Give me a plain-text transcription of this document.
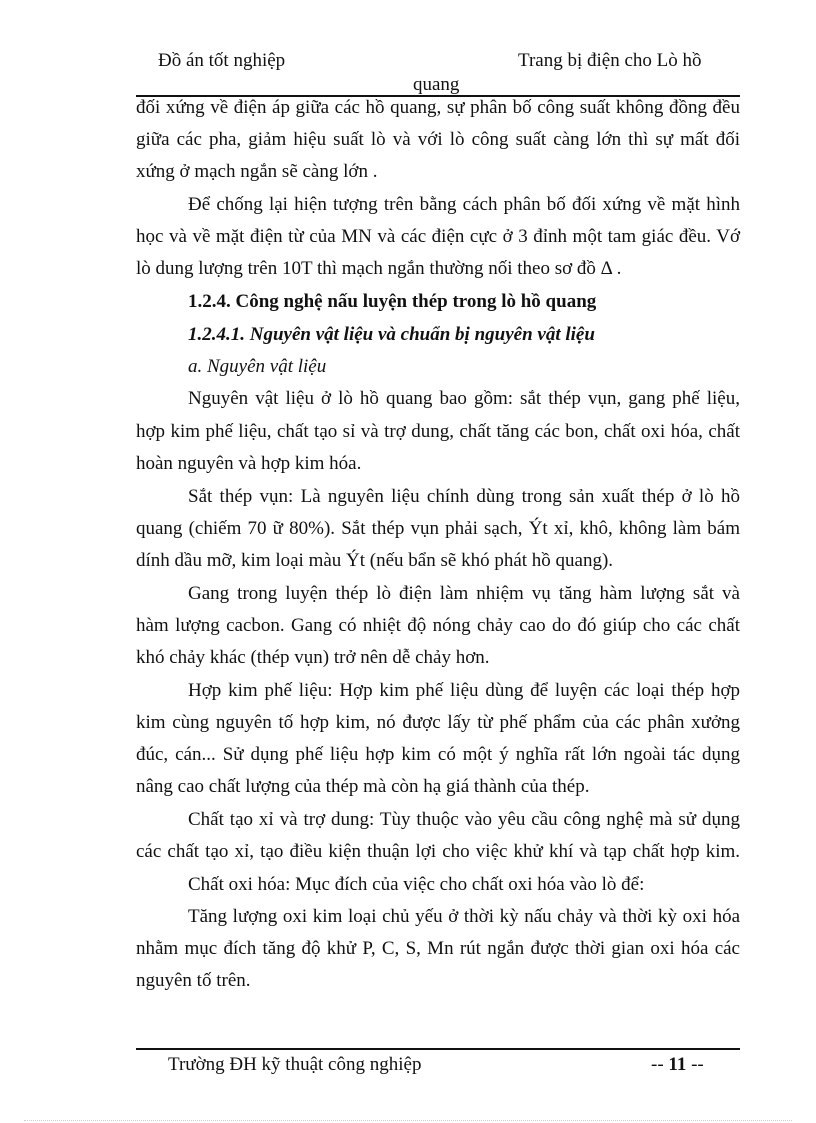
Đồ án tốt nghiệp	Trang bị điện cho Lò hồ
quang
đối xứng về điện áp giữa các hồ quang, sự phân bố công suất không đồng đều
giữa các pha, giảm hiệu suất lò và với lò công suất càng lớn thì sự mất đối
xứng ở mạch ngắn sẽ càng lớn .
Để chống lại hiện tượng trên bằng cách phân bố đối xứng về mặt hình
học và về mặt điện từ của MN và các điện cực ở 3 đỉnh một tam giác đều. Vớ
lò dung lượng trên 10T thì mạch ngắn thường nối theo sơ đồ Δ .
1.2.4. Công nghệ nấu luyện thép trong lò hồ quang
1.2.4.1. Nguyên vật liệu và chuẩn bị nguyên vật liệu
a. Nguyên vật liệu
Nguyên vật liệu ở lò hồ quang bao gồm: sắt thép vụn, gang phế liệu,
hợp kim phế liệu, chất tạo sỉ và trợ dung, chất tăng các bon, chất oxi hóa, chất
hoàn nguyên và hợp kim hóa.
Sắt thép vụn: Là nguyên liệu chính dùng trong sản xuất thép ở lò hồ
quang (chiếm 70 ữ 80%). Sắt thép vụn phải sạch, Ýt xỉ, khô, không làm bám
dính dầu mỡ, kim loại màu Ýt (nếu bẩn sẽ khó phát hồ quang).
Gang trong luyện thép lò điện làm nhiệm vụ tăng hàm lượng sắt và
hàm lượng cacbon. Gang có nhiệt độ nóng chảy cao do đó giúp cho các chất
khó chảy khác (thép vụn) trở nên dễ chảy hơn.
Hợp kim phế liệu: Hợp kim phế liệu dùng để luyện các loại thép hợp
kim cùng nguyên tố hợp kim, nó được lấy từ phế phẩm của các phân xưởng
đúc, cán... Sử dụng phế liệu hợp kim có một ý nghĩa rất lớn ngoài tác dụng
nâng cao chất lượng của thép mà còn hạ giá thành của thép.
Chất tạo xỉ và trợ dung: Tùy thuộc vào yêu cầu công nghệ mà sử dụng
các chất tạo xỉ, tạo điều kiện thuận lợi cho việc khử khí và tạp chất hợp kim.
Chất oxi hóa: Mục đích của việc cho chất oxi hóa vào lò để:
Tăng lượng oxi kim loại chủ yếu ở thời kỳ nấu chảy và thời kỳ oxi hóa
nhằm mục đích tăng độ khử P, C, S, Mn rút ngắn được thời gian oxi hóa các
nguyên tố trên.
Trường ĐH kỹ thuật công nghiệp	-- 11 --
